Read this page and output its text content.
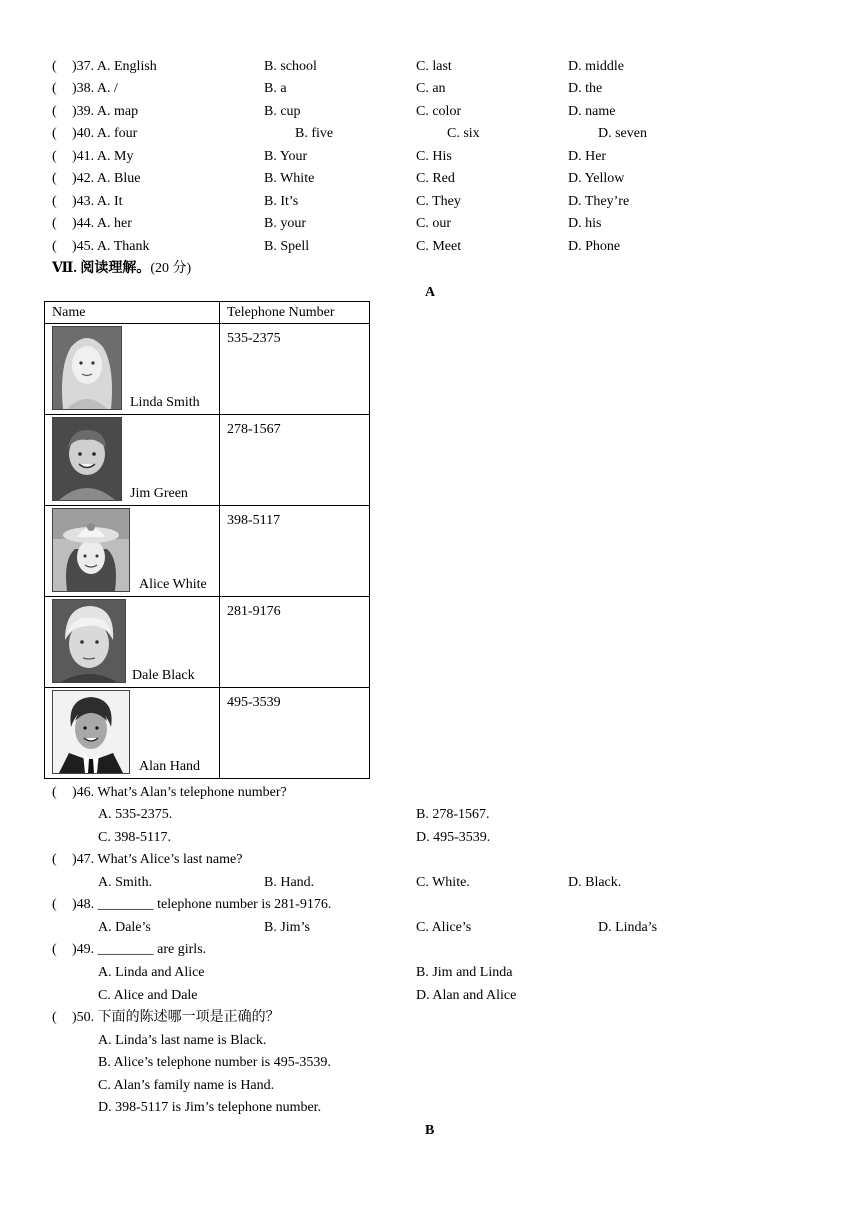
( )37. A. English	B. school	C. last	D. middle
( )38. A. /	B. a	C. an	D. the
( )39. A. map	B. cup	C. color	D. name
( )40. A. four	B. five	C. six	D. seven
( )41. A. My	B. Your	C. His	D. Her
( )42. A. Blue	B. White	C. Red	D. Yellow
( )43. A. It	B. It’s	C. They	D. They’re
( )44. A. her	B. your	C. our	D. his
( )45. A. Thank	B. Spell	C. Meet	D. Phone
Ⅶ. 阅读理解。(20 分)
A
Name	Telephone Number

Linda Smith	535-2375

Jim Green	278-1567

Alice White	398-5117

Dale Black	281-9176

Alan Hand	495-3539
( )46. What’s Alan’s telephone number?
A. 535-2375.	B. 278-1567.
C. 398-5117.	D. 495-3539.
( )47. What’s Alice’s last name?
A. Smith.	B. Hand.	C. White.	D. Black.
( )48. ________ telephone number is 281-9176.
A. Dale’s	B. Jim’s	C. Alice’s	D. Linda’s
( )49. ________ are girls.
A. Linda and Alice	B. Jim and Linda
C. Alice and Dale	D. Alan and Alice
( )50. 下面的陈述哪一项是正确的？
A. Linda’s last name is Black.
B. Alice’s telephone number is 495-3539.
C. Alan’s family name is Hand.
D. 398-5117 is Jim’s telephone number.
B
